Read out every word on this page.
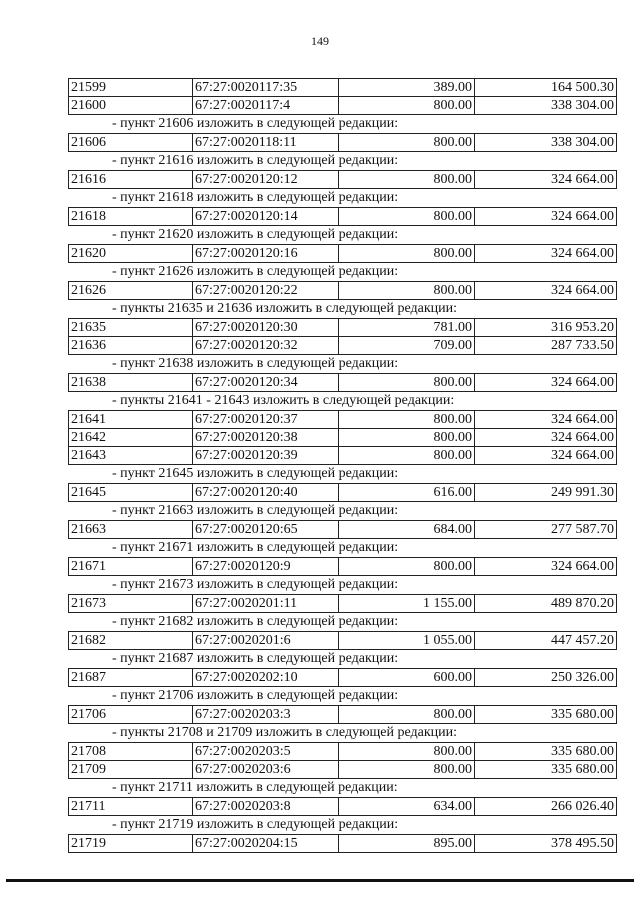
149
21599	67:27:0020117:35	389.00	164 500.30
21600	67:27:0020117:4	800.00	338 304.00
- пункт 21606 изложить в следующей редакции:
21606	67:27:0020118:11	800.00	338 304.00
- пункт 21616 изложить в следующей редакции:
21616	67:27:0020120:12	800.00	324 664.00
- пункт 21618 изложить в следующей редакции:
21618	67:27:0020120:14	800.00	324 664.00
- пункт 21620 изложить в следующей редакции:
21620	67:27:0020120:16	800.00	324 664.00
- пункт 21626 изложить в следующей редакции:
21626	67:27:0020120:22	800.00	324 664.00
- пункты 21635 и 21636 изложить в следующей редакции:
21635	67:27:0020120:30	781.00	316 953.20
21636	67:27:0020120:32	709.00	287 733.50
- пункт 21638 изложить в следующей редакции:
21638	67:27:0020120:34	800.00	324 664.00
- пункты 21641 - 21643 изложить в следующей редакции:
21641	67:27:0020120:37	800.00	324 664.00
21642	67:27:0020120:38	800.00	324 664.00
21643	67:27:0020120:39	800.00	324 664.00
- пункт 21645 изложить в следующей редакции:
21645	67:27:0020120:40	616.00	249 991.30
- пункт 21663 изложить в следующей редакции:
21663	67:27:0020120:65	684.00	277 587.70
- пункт 21671 изложить в следующей редакции:
21671	67:27:0020120:9	800.00	324 664.00
- пункт 21673 изложить в следующей редакции:
21673	67:27:0020201:11	1 155.00	489 870.20
- пункт 21682 изложить в следующей редакции:
21682	67:27:0020201:6	1 055.00	447 457.20
- пункт 21687 изложить в следующей редакции:
21687	67:27:0020202:10	600.00	250 326.00
- пункт 21706 изложить в следующей редакции:
21706	67:27:0020203:3	800.00	335 680.00
- пункты 21708 и 21709 изложить в следующей редакции:
21708	67:27:0020203:5	800.00	335 680.00
21709	67:27:0020203:6	800.00	335 680.00
- пункт 21711 изложить в следующей редакции:
21711	67:27:0020203:8	634.00	266 026.40
- пункт 21719 изложить в следующей редакции:
21719	67:27:0020204:15	895.00	378 495.50
